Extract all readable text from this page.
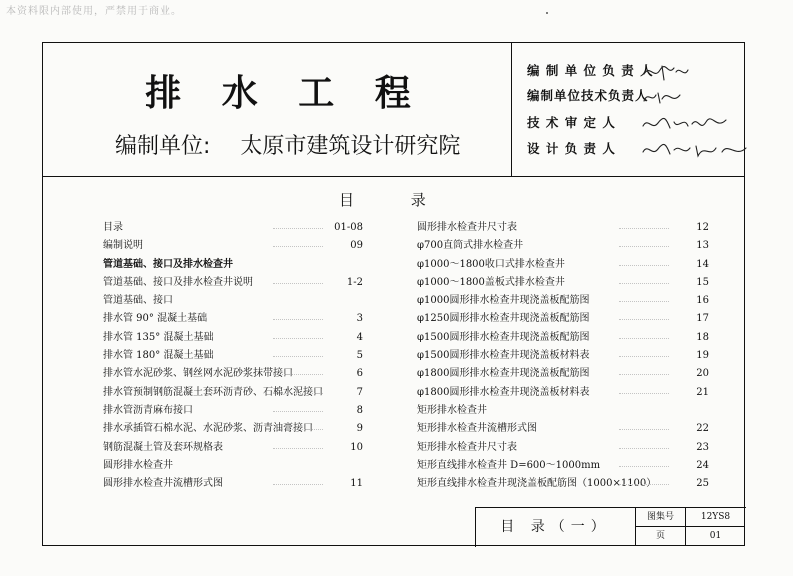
本资料限内部使用，严禁用于商业。
排 水 工 程
编制单位: 太原市建筑设计研究院
编 制 单 位 负 责 人
编制单位技术负责人
技 术 审 定 人
设 计 负 责 人
目 录
目录	01-08
编制说明	09
管道基础、接口及排水检查井
管道基础、接口及排水检查井说明	1-2
管道基础、接口
排水管 90° 混凝土基础	3
排水管 135° 混凝土基础	4
排水管 180° 混凝土基础	5
排水管水泥砂浆、钢丝网水泥砂浆抹带接口	6
排水管预制钢筋混凝土套环沥青砂、石棉水泥接口	7
排水管沥青麻布接口	8
排水承插管石棉水泥、水泥砂浆、沥青油膏接口	9
钢筋混凝土管及套环规格表	10
圆形排水检查井
圆形排水检查井流槽形式图	11
圆形排水检查井尺寸表	12
φ700直筒式排水检查井	13
φ1000～1800收口式排水检查井	14
φ1000～1800盖板式排水检查井	15
φ1000圆形排水检查井现浇盖板配筋图	16
φ1250圆形排水检查井现浇盖板配筋图	17
φ1500圆形排水检查井现浇盖板配筋图	18
φ1500圆形排水检查井现浇盖板材料表	19
φ1800圆形排水检查井现浇盖板配筋图	20
φ1800圆形排水检查井现浇盖板材料表	21
矩形排水检查井
矩形排水检查井流槽形式图	22
矩形排水检查井尺寸表	23
矩形直线排水检查井 D=600～1000mm	24
矩形直线排水检查井现浇盖板配筋图（1000×1100）	25
目 录（一）
图集号	12YS8
页	01
